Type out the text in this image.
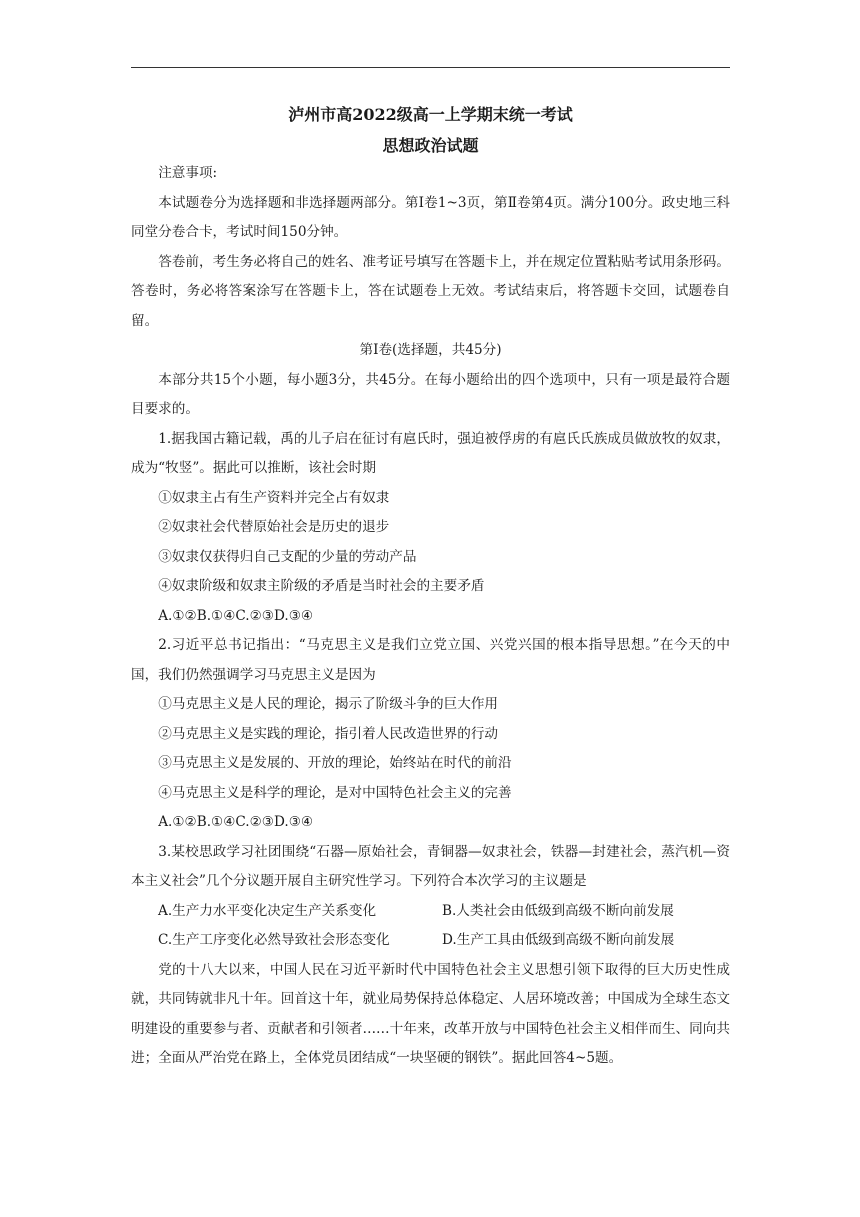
泸州市高2022级高一上学期末统一考试
思想政治试题

注意事项:

本试题卷分为选择题和非选择题两部分。第Ⅰ卷1~3页，第Ⅱ卷第4页。满分100分。政史地三科同堂分卷合卡，考试时间150分钟。

答卷前，考生务必将自己的姓名、准考证号填写在答题卡上，并在规定位置粘贴考试用条形码。答卷时，务必将答案涂写在答题卡上，答在试题卷上无效。考试结束后，将答题卡交回，试题卷自留。

第Ⅰ卷(选择题，共45分)

本部分共15个小题，每小题3分，共45分。在每小题给出的四个选项中，只有一项是最符合题目要求的。

1.据我国古籍记载，禹的儿子启在征讨有扈氏时，强迫被俘虏的有扈氏氏族成员做放牧的奴隶，成为“牧竖”。据此可以推断，该社会时期

①奴隶主占有生产资料并完全占有奴隶

②奴隶社会代替原始社会是历史的退步

③奴隶仅获得归自己支配的少量的劳动产品

④奴隶阶级和奴隶主阶级的矛盾是当时社会的主要矛盾

A.①②B.①④C.②③D.③④

2.习近平总书记指出：“马克思主义是我们立党立国、兴党兴国的根本指导思想。”在今天的中国，我们仍然强调学习马克思主义是因为

①马克思主义是人民的理论，揭示了阶级斗争的巨大作用

②马克思主义是实践的理论，指引着人民改造世界的行动

③马克思主义是发展的、开放的理论，始终站在时代的前沿

④马克思主义是科学的理论，是对中国特色社会主义的完善

A.①②B.①④C.②③D.③④

3.某校思政学习社团围绕“石器—原始社会，青铜器—奴隶社会，铁器—封建社会，蒸汽机—资本主义社会”几个分议题开展自主研究性学习。下列符合本次学习的主议题是

A.生产力水平变化决定生产关系变化	B.人类社会由低级到高级不断向前发展
C.生产工序变化必然导致社会形态变化	D.生产工具由低级到高级不断向前发展

党的十八大以来，中国人民在习近平新时代中国特色社会主义思想引领下取得的巨大历史性成就，共同铸就非凡十年。回首这十年，就业局势保持总体稳定、人居环境改善；中国成为全球生态文明建设的重要参与者、贡献者和引领者……十年来，改革开放与中国特色社会主义相伴而生、同向共进；全面从严治党在路上，全体党员团结成“一块坚硬的钢铁”。据此回答4~5题。
